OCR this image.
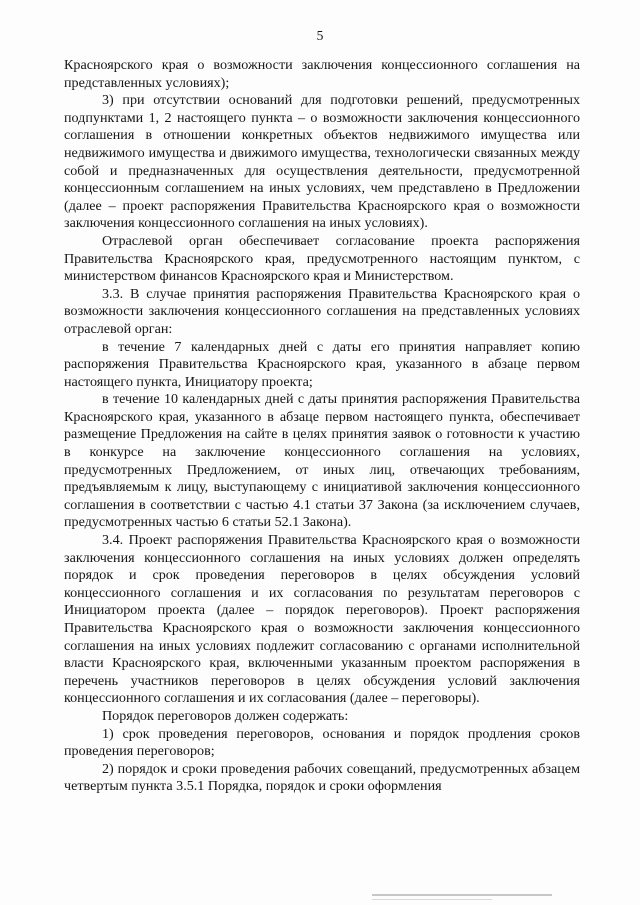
5

Красноярского края о возможности заключения концессионного соглашения на представленных условиях);

3) при отсутствии оснований для подготовки решений, предусмотренных подпунктами 1, 2 настоящего пункта – о возможности заключения концессионного соглашения в отношении конкретных объектов недвижимого имущества или недвижимого имущества и движимого имущества, технологически связанных между собой и предназначенных для осуществления деятельности, предусмотренной концессионным соглашением на иных условиях, чем представлено в Предложении (далее – проект распоряжения Правительства Красноярского края о возможности заключения концессионного соглашения на иных условиях).

Отраслевой орган обеспечивает согласование проекта распоряжения Правительства Красноярского края, предусмотренного настоящим пунктом, с министерством финансов Красноярского края и Министерством.

3.3. В случае принятия распоряжения Правительства Красноярского края о возможности заключения концессионного соглашения на представленных условиях отраслевой орган:

в течение 7 календарных дней с даты его принятия направляет копию распоряжения Правительства Красноярского края, указанного в абзаце первом настоящего пункта, Инициатору проекта;

в течение 10 календарных дней с даты принятия распоряжения Правительства Красноярского края, указанного в абзаце первом настоящего пункта, обеспечивает размещение Предложения на сайте в целях принятия заявок о готовности к участию в конкурсе на заключение концессионного соглашения на условиях, предусмотренных Предложением, от иных лиц, отвечающих требованиям, предъявляемым к лицу, выступающему с инициативой заключения концессионного соглашения в соответствии с частью 4.1 статьи 37 Закона (за исключением случаев, предусмотренных частью 6 статьи 52.1 Закона).

3.4. Проект распоряжения Правительства Красноярского края о возможности заключения концессионного соглашения на иных условиях должен определять порядок и срок проведения переговоров в целях обсуждения условий концессионного соглашения и их согласования по результатам переговоров с Инициатором проекта (далее – порядок переговоров). Проект распоряжения Правительства Красноярского края о возможности заключения концессионного соглашения на иных условиях подлежит согласованию с органами исполнительной власти Красноярского края, включенными указанным проектом распоряжения в перечень участников переговоров в целях обсуждения условий заключения концессионного соглашения и их согласования (далее – переговоры).

Порядок переговоров должен содержать:

1) срок проведения переговоров, основания и порядок продления сроков проведения переговоров;

2) порядок и сроки проведения рабочих совещаний, предусмотренных абзацем четвертым пункта 3.5.1 Порядка, порядок и сроки оформления
